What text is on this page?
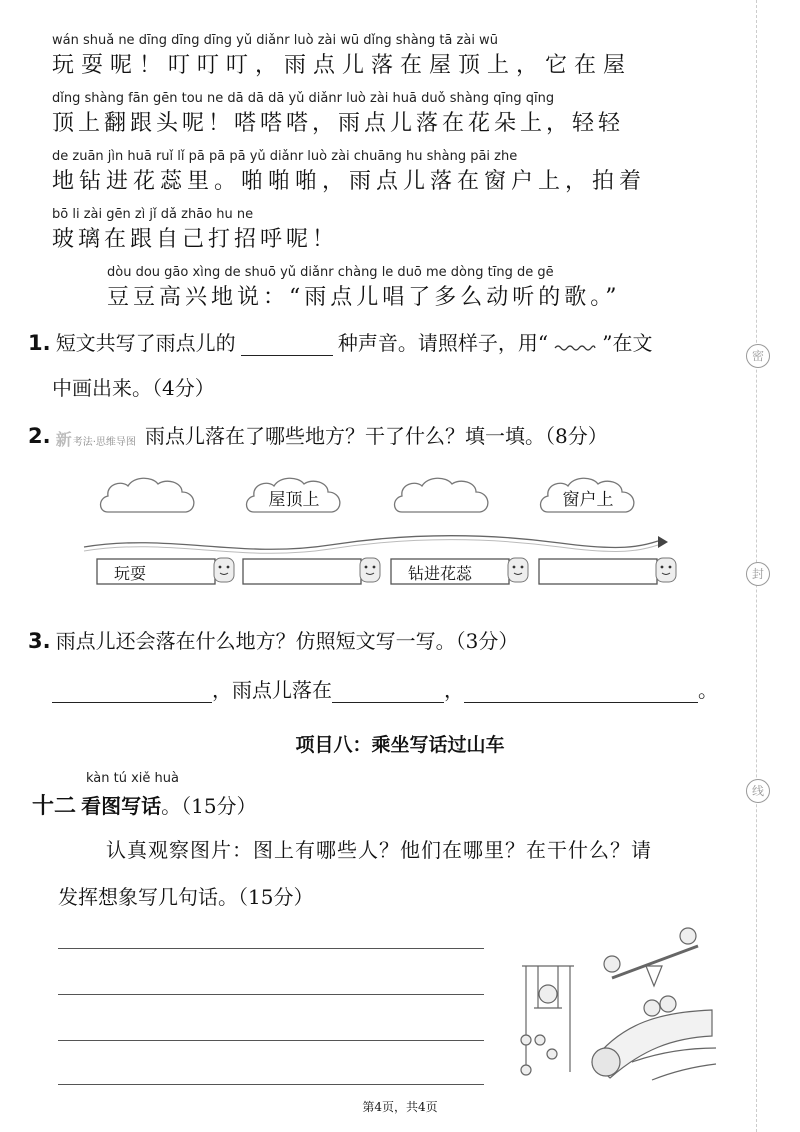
wán shuǎ ne dīng dīng dīng yǔ diǎnr luò zài wū dǐng shàng tā zài wū
玩耍呢！叮叮叮，雨点儿落在屋顶上，它在屋
dǐng shàng fān gēn tou ne dā dā dā yǔ diǎnr luò zài huā duǒ shàng qīng qīng
顶上翻跟头呢！嗒嗒嗒，雨点儿落在花朵上，轻轻
de zuān jìn huā ruǐ lǐ pā pā pā yǔ diǎnr luò zài chuāng hu shàng pāi zhe
地钻进花蕊里。啪啪啪，雨点儿落在窗户上，拍着
bō li zài gēn zì jǐ dǎ zhāo hu ne
玻璃在跟自己打招呼呢！
dòu dou gāo xìng de shuō yǔ diǎnr chàng le duō me dòng tīng de gē
豆豆高兴地说：“雨点儿唱了多么动听的歌。”
1. 短文共写了雨点儿的	种声音。请照样子，用“	”在文
中画出来。（4分）
2. 新考法·思维导图 雨点儿落在了哪些地方？干了什么？填一填。（8分）
屋顶上	窗户上
玩耍	钻进花蕊
3. 雨点儿还会落在什么地方？仿照短文写一写。（3分）
，雨点儿落在	，	。
项目八：乘坐写话过山车
kàn tú xiě huà
十二 看图写话。（15分）
认真观察图片：图上有哪些人？他们在哪里？在干什么？请
发挥想象写几句话。（15分）
密
封
线
第4页，共4页
